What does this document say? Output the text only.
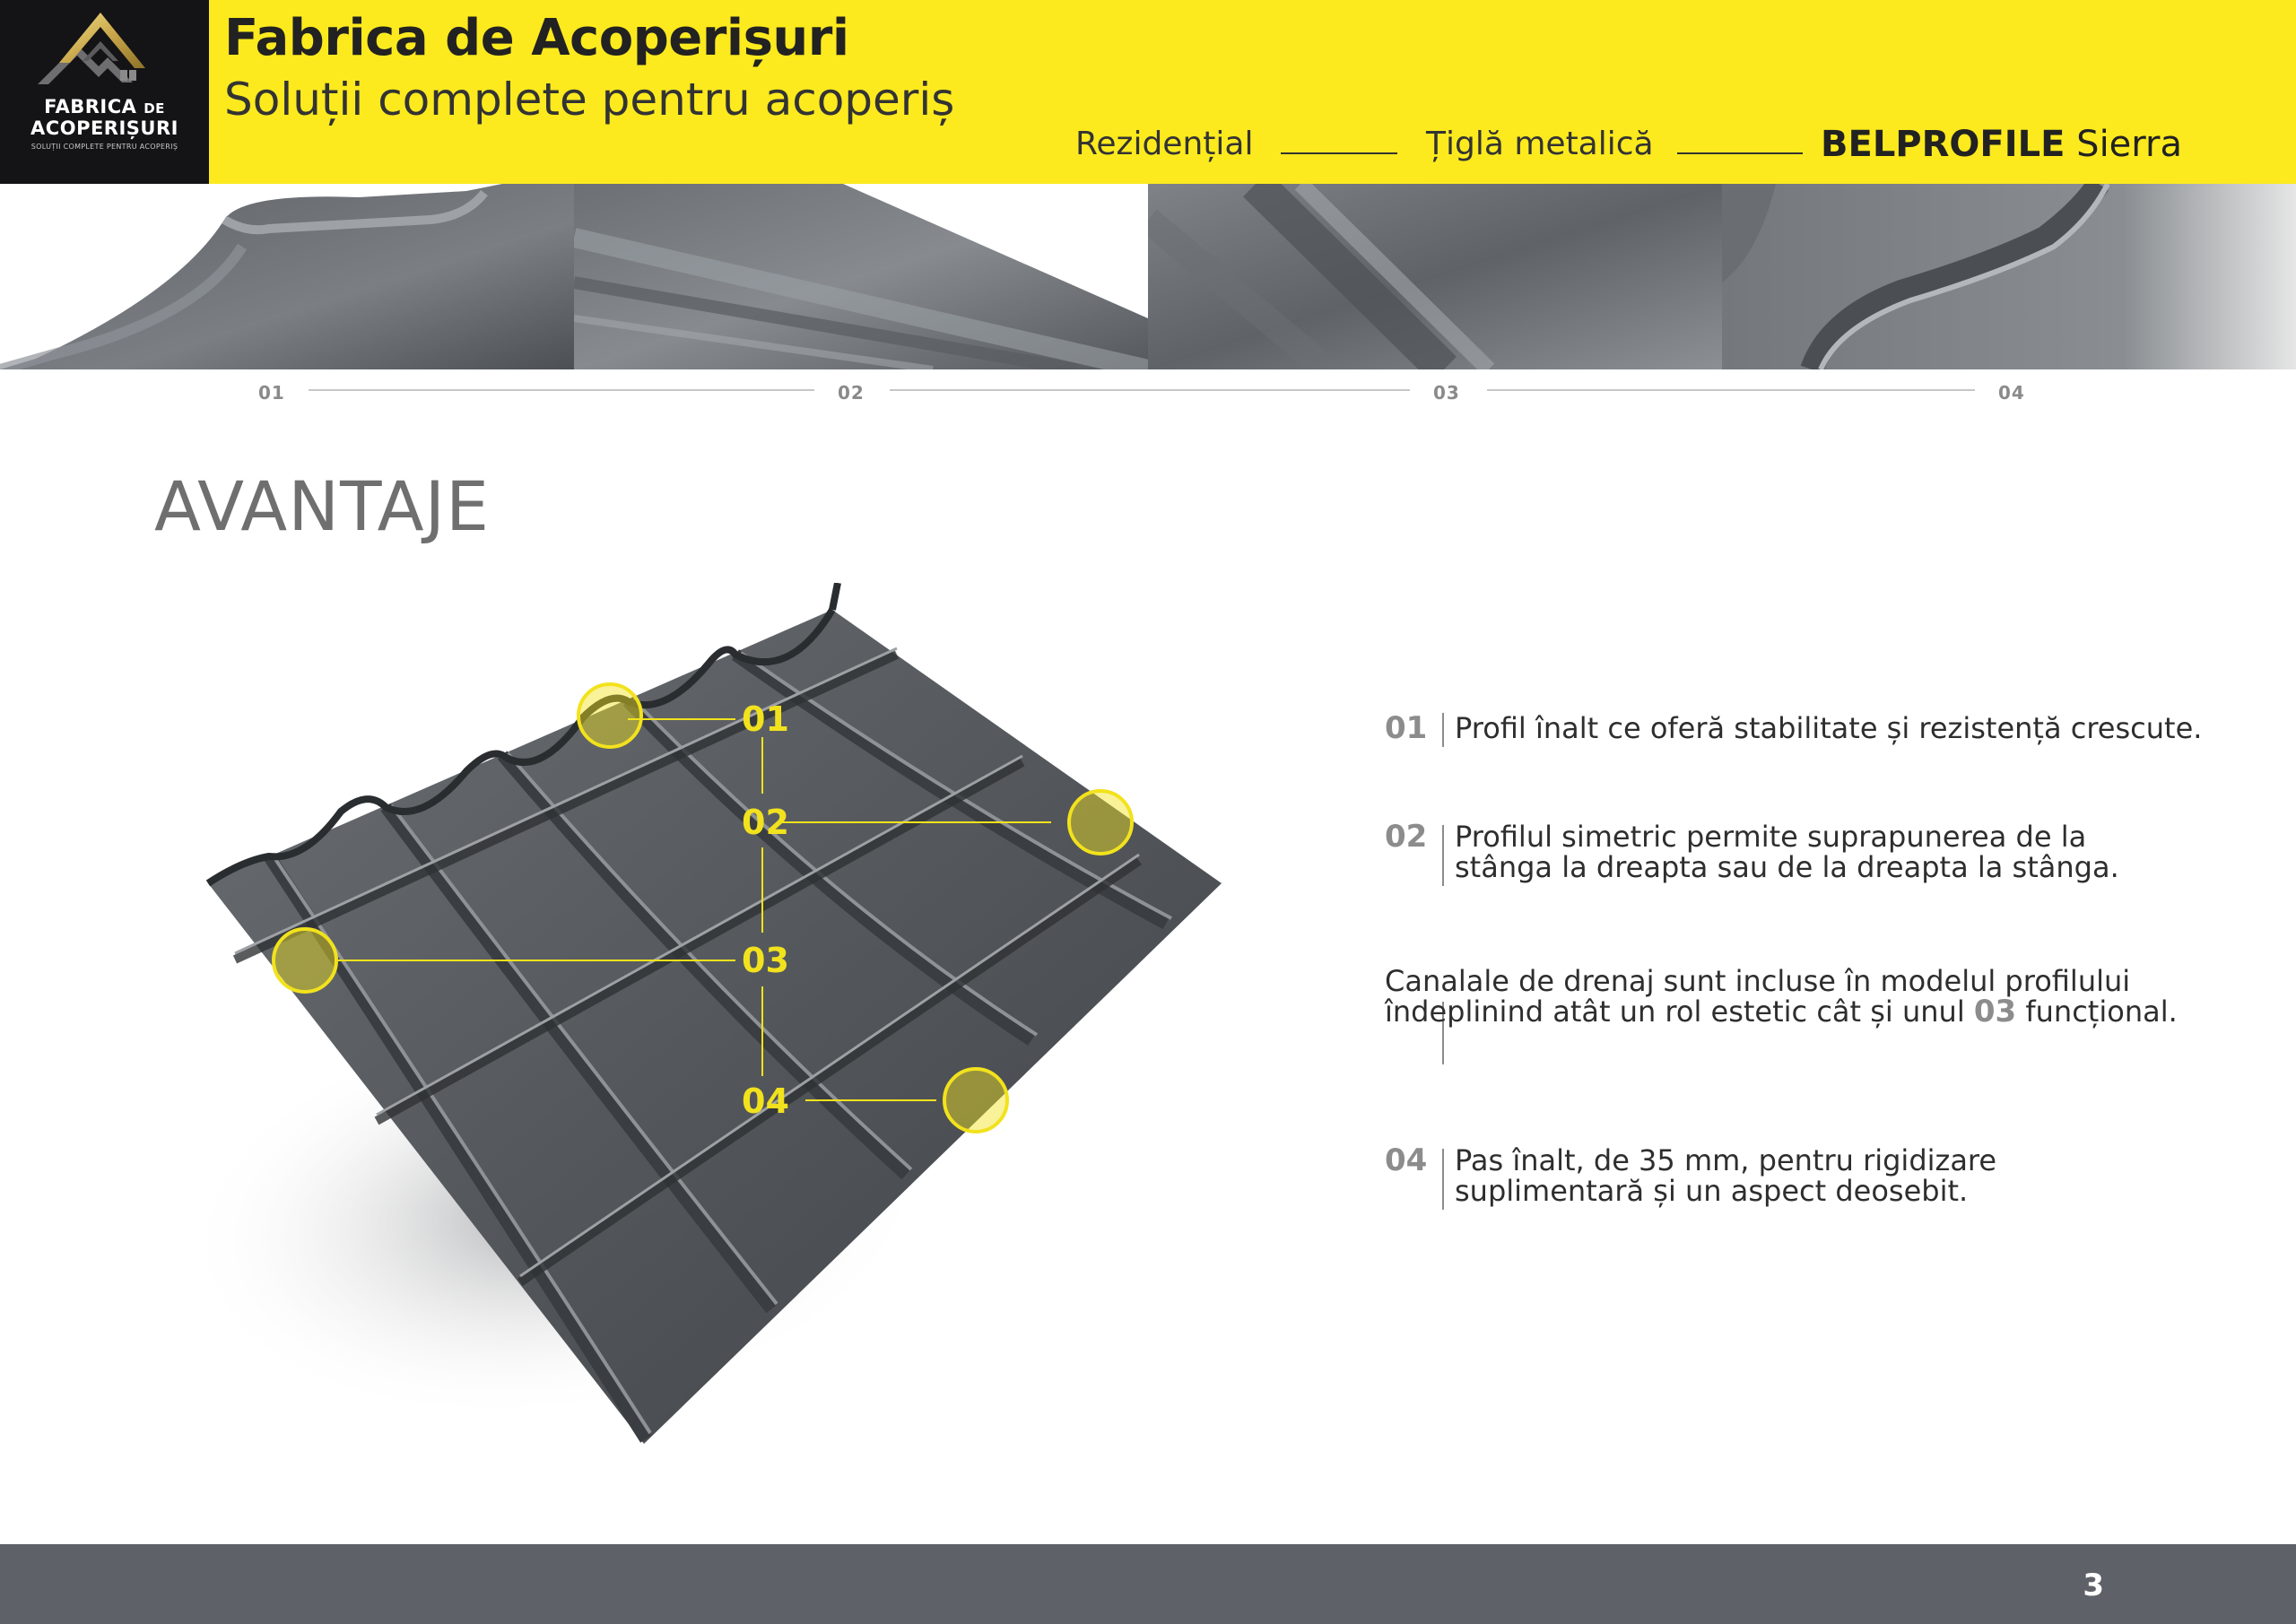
FABRICA DE
ACOPERIȘURI
SOLUȚII COMPLETE PENTRU ACOPERIȘ
Fabrica de Acoperișuri
Soluții complete pentru acoperiș
Rezidențial	Țiglă metalică	BELPROFILE Sierra
01	02	03	04
AVANTAJE
01
02
03
04
01 Profil înalt ce oferă stabilitate și rezistență crescute.
02 Profilul simetric permite suprapunerea de la stânga la dreapta sau de la dreapta la stânga.
Canalale de drenaj sunt incluse în modelul profilului îndeplinind atât un rol estetic cât și unul 03 funcțional.
04 Pas înalt, de 35 mm, pentru rigidizare suplimentară și un aspect deosebit.
3
